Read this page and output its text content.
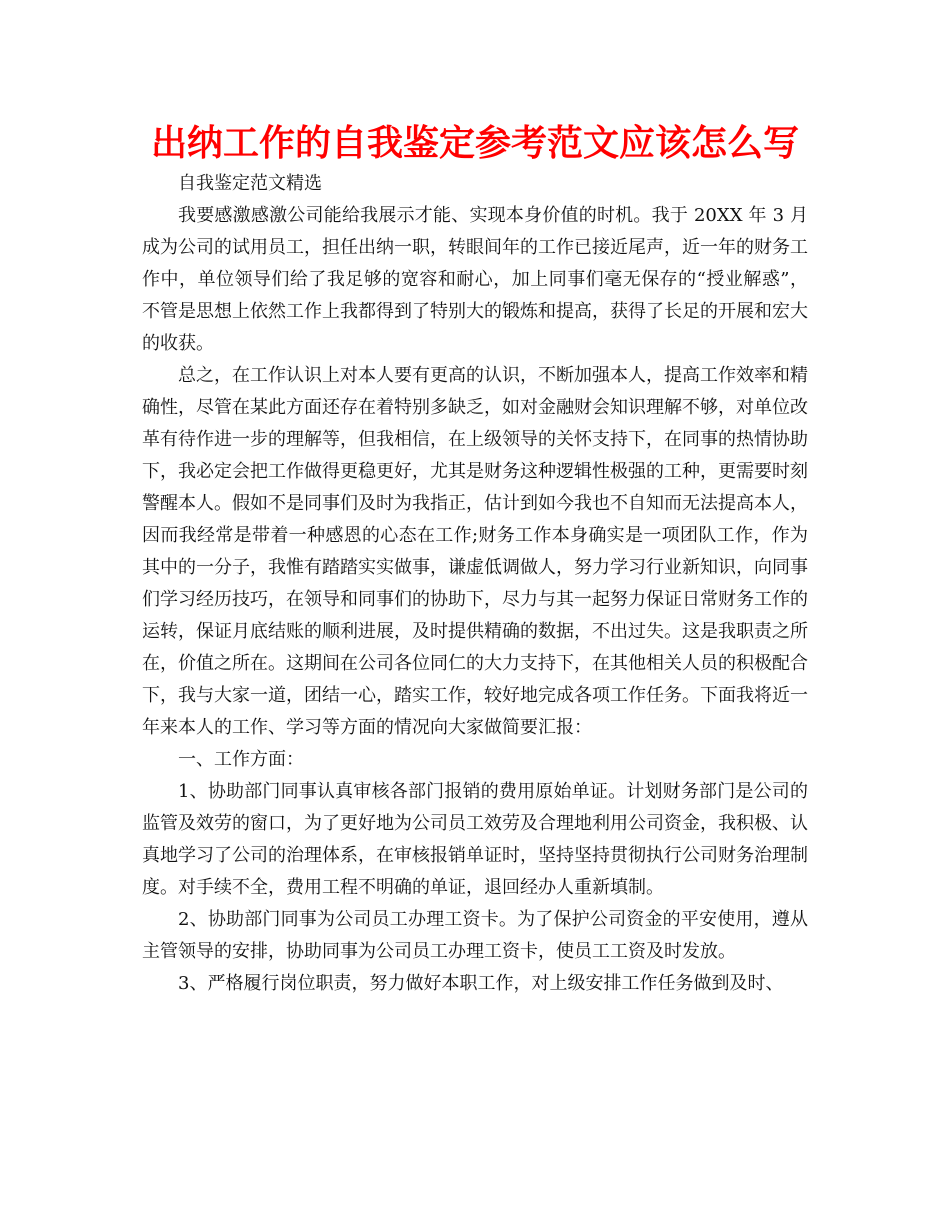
出纳工作的自我鉴定参考范文应该怎么写

自我鉴定范文精选

我要感激感激公司能给我展示才能、实现本身价值的时机。我于 20XX 年 3 月成为公司的试用员工，担任出纳一职，转眼间年的工作已接近尾声，近一年的财务工作中，单位领导们给了我足够的宽容和耐心，加上同事们毫无保存的“授业解惑”，不管是思想上依然工作上我都得到了特别大的锻炼和提高，获得了长足的开展和宏大的收获。

总之，在工作认识上对本人要有更高的认识，不断加强本人，提高工作效率和精确性，尽管在某此方面还存在着特别多缺乏，如对金融财会知识理解不够，对单位改革有待作进一步的理解等，但我相信，在上级领导的关怀支持下，在同事的热情协助下，我必定会把工作做得更稳更好，尤其是财务这种逻辑性极强的工种，更需要时刻警醒本人。假如不是同事们及时为我指正，估计到如今我也不自知而无法提高本人，因而我经常是带着一种感恩的心态在工作;财务工作本身确实是一项团队工作，作为其中的一分子，我惟有踏踏实实做事，谦虚低调做人，努力学习行业新知识，向同事们学习经历技巧，在领导和同事们的协助下，尽力与其一起努力保证日常财务工作的运转，保证月底结账的顺利进展，及时提供精确的数据，不出过失。这是我职责之所在，价值之所在。这期间在公司各位同仁的大力支持下，在其他相关人员的积极配合下，我与大家一道，团结一心，踏实工作，较好地完成各项工作任务。下面我将近一年来本人的工作、学习等方面的情况向大家做简要汇报：

一、工作方面：

1、协助部门同事认真审核各部门报销的费用原始单证。计划财务部门是公司的监管及效劳的窗口，为了更好地为公司员工效劳及合理地利用公司资金，我积极、认真地学习了公司的治理体系，在审核报销单证时，坚持坚持贯彻执行公司财务治理制度。对手续不全，费用工程不明确的单证，退回经办人重新填制。

2、协助部门同事为公司员工办理工资卡。为了保护公司资金的平安使用，遵从主管领导的安排，协助同事为公司员工办理工资卡，使员工工资及时发放。

3、严格履行岗位职责，努力做好本职工作，对上级安排工作任务做到及时、
